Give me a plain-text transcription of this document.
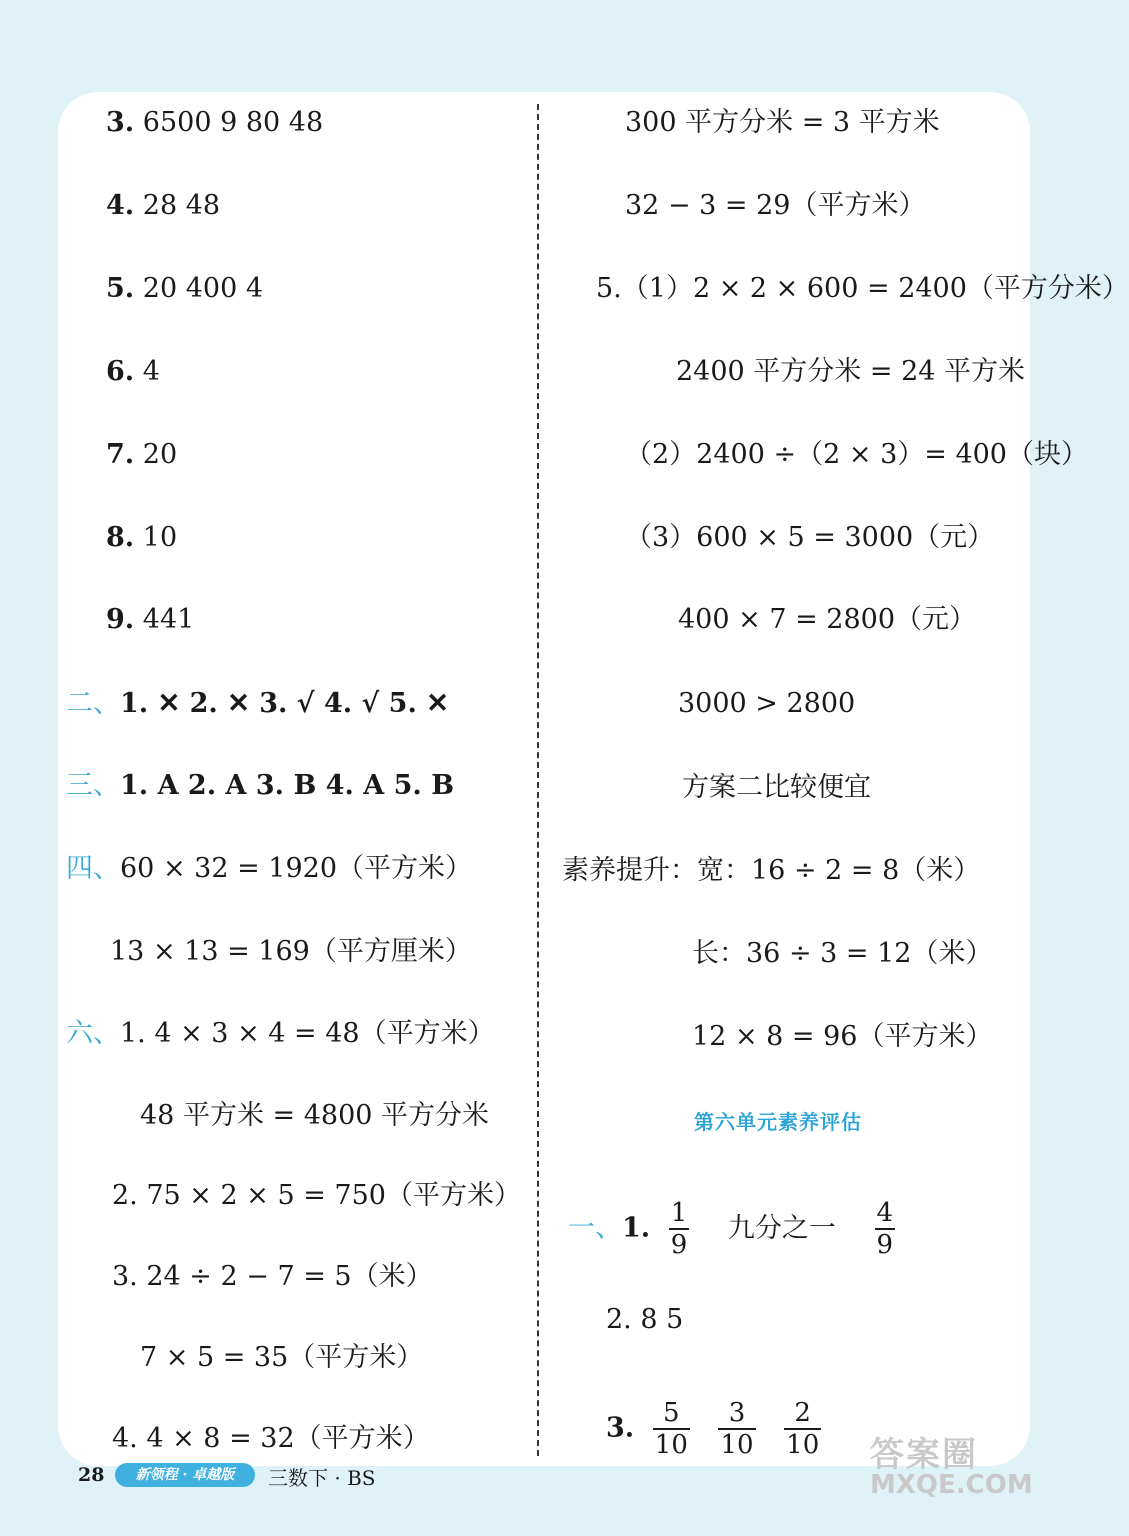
3. 6500 9 80 48
4. 28 48
5. 20 400 4
6. 4
7. 20
8. 10
9. 441
二、1. ✕ 2. ✕ 3. √ 4. √ 5. ✕
三、1. A 2. A 3. B 4. A 5. B
四、60 × 32 = 1920（平方米）
13 × 13 = 169（平方厘米）
六、1. 4 × 3 × 4 = 48（平方米）
48 平方米 = 4800 平方分米
2. 75 × 2 × 5 = 750（平方米）
3. 24 ÷ 2 − 7 = 5（米）
7 × 5 = 35（平方米）
4. 4 × 8 = 32（平方米）
300 平方分米 = 3 平方米
32 − 3 = 29（平方米）
5.（1）2 × 2 × 600 = 2400（平方分米）
2400 平方分米 = 24 平方米
（2）2400 ÷（2 × 3）= 400（块）
（3）600 × 5 = 3000（元）
400 × 7 = 2800（元）
3000 > 2800
方案二比较便宜
素养提升：宽：16 ÷ 2 = 8（米）
长：36 ÷ 3 = 12（米）
12 × 8 = 96（平方米）
第六单元素养评估
一、1. $\frac{1}{9}$ 九分之一 $\frac{4}{9}$
2. 8 5
3. $\frac{5}{10}$
$\frac{3}{10}$
$\frac{2}{10}$
28	新领程 · 卓越版	三数下 · BS
答案圈
MXQE.COM
